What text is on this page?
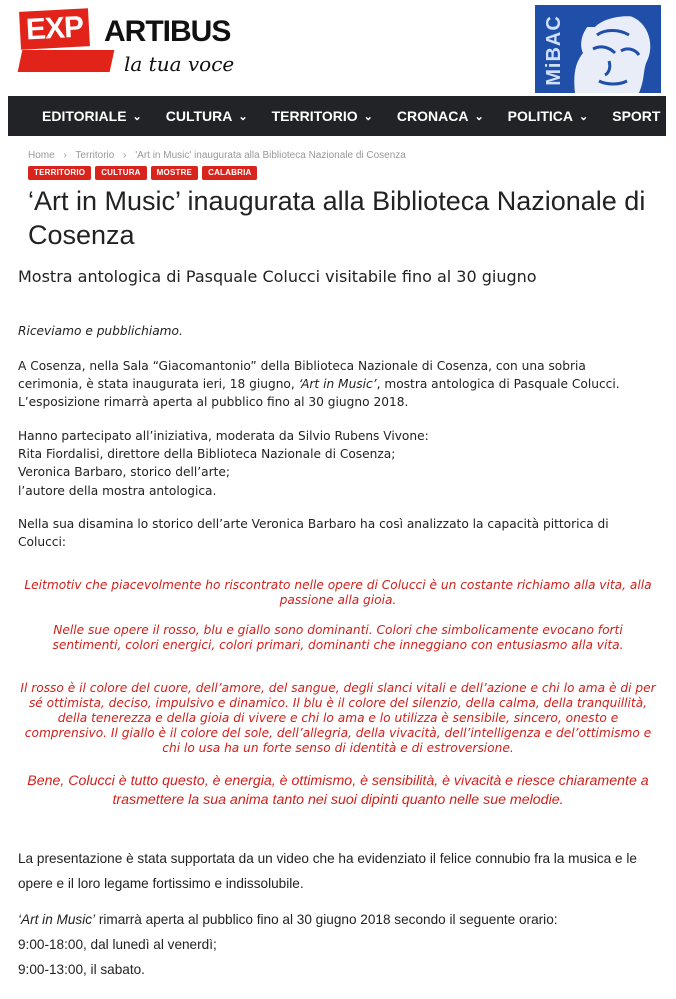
EXP ARTIBUS
la tua voce	MiBAC
EDITORIALE ⌄ CULTURA ⌄ TERRITORIO ⌄ CRONACA ⌄ POLITICA ⌄ SPORT ⌄
Home › Territorio › 'Art in Music' inaugurata alla Biblioteca Nazionale di Cosenza
TERRITORIO	CULTURA	MOSTRE	CALABRIA
‘Art in Music’ inaugurata alla Biblioteca Nazionale di Cosenza
Mostra antologica di Pasquale Colucci visitabile fino al 30 giugno
Riceviamo e pubblichiamo.
A Cosenza, nella Sala “Giacomantonio” della Biblioteca Nazionale di Cosenza, con una sobria cerimonia, è stata inaugurata ieri, 18 giugno, ‘Art in Music’, mostra antologica di Pasquale Colucci. L’esposizione rimarrà aperta al pubblico fino al 30 giugno 2018.
Hanno partecipato all’iniziativa, moderata da Silvio Rubens Vivone:
Rita Fiordalisi, direttore della Biblioteca Nazionale di Cosenza;
Veronica Barbaro, storico dell’arte;
l’autore della mostra antologica.
Nella sua disamina lo storico dell’arte Veronica Barbaro ha così analizzato la capacità pittorica di Colucci:
Leitmotiv che piacevolmente ho riscontrato nelle opere di Colucci è un costante richiamo alla vita, alla passione alla gioia.
Nelle sue opere il rosso, blu e giallo sono dominanti. Colori che simbolicamente evocano forti sentimenti, colori energici, colori primari, dominanti che inneggiano con entusiasmo alla vita.
Il rosso è il colore del cuore, dell’amore, del sangue, degli slanci vitali e dell’azione e chi lo ama è di per sé ottimista, deciso, impulsivo e dinamico. Il blu è il colore del silenzio, della calma, della tranquillità, della tenerezza e della gioia di vivere e chi lo ama e lo utilizza è sensibile, sincero, onesto e comprensivo. Il giallo è il colore del sole, dell’allegria, della vivacità, dell’intelligenza e del’ottimismo e chi lo usa ha un forte senso di identità e di estroversione.
Bene, Colucci è tutto questo, è energia, è ottimismo, è sensibilità, è vivacità e riesce chiaramente a trasmettere la sua anima tanto nei suoi dipinti quanto nelle sue melodie.
La presentazione è stata supportata da un video che ha evidenziato il felice connubio fra la musica e le opere e il loro legame fortissimo e indissolubile.
‘Art in Music’ rimarrà aperta al pubblico fino al 30 giugno 2018 secondo il seguente orario:
9:00-18:00, dal lunedì al venerdì;
9:00-13:00, il sabato.
